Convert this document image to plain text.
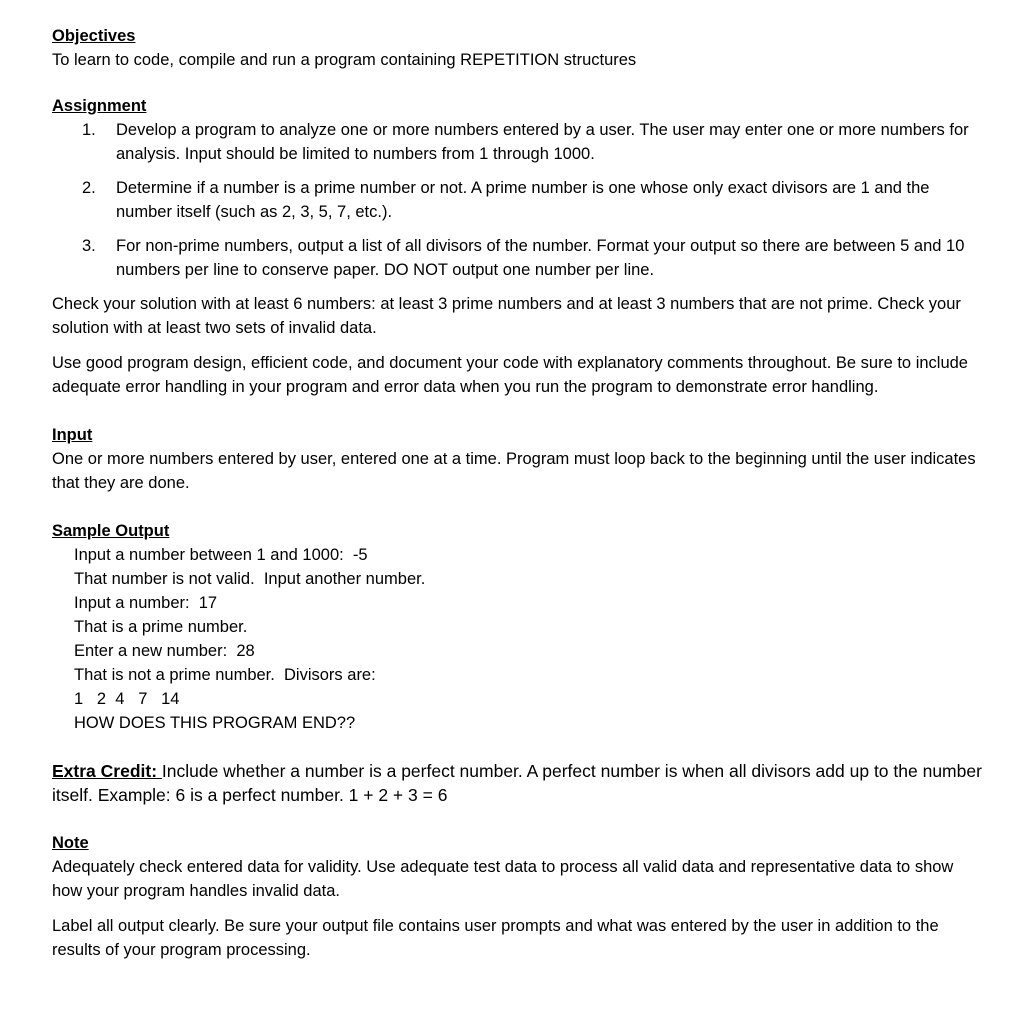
Objectives

To learn to code, compile and run a program containing REPETITION structures

Assignment
1. Develop a program to analyze one or more numbers entered by a user. The user may enter one or more numbers for analysis. Input should be limited to numbers from 1 through 1000.
2. Determine if a number is a prime number or not. A prime number is one whose only exact divisors are 1 and the number itself (such as 2, 3, 5, 7, etc.).
3. For non-prime numbers, output a list of all divisors of the number. Format your output so there are between 5 and 10 numbers per line to conserve paper. DO NOT output one number per line.

Check your solution with at least 6 numbers: at least 3 prime numbers and at least 3 numbers that are not prime. Check your solution with at least two sets of invalid data.

Use good program design, efficient code, and document your code with explanatory comments throughout. Be sure to include adequate error handling in your program and error data when you run the program to demonstrate error handling.

Input

One or more numbers entered by user, entered one at a time. Program must loop back to the beginning until the user indicates that they are done.

Sample Output
Input a number between 1 and 1000:  -5
That number is not valid.  Input another number.
Input a number:  17
That is a prime number.
Enter a new number:  28
That is not a prime number.  Divisors are:
1   2  4   7   14
HOW DOES THIS PROGRAM END??

Extra Credit: Include whether a number is a perfect number. A perfect number is when all divisors add up to the number itself. Example: 6 is a perfect number. 1 + 2 + 3 = 6

Note

Adequately check entered data for validity. Use adequate test data to process all valid data and representative data to show how your program handles invalid data.

Label all output clearly. Be sure your output file contains user prompts and what was entered by the user in addition to the results of your program processing.
